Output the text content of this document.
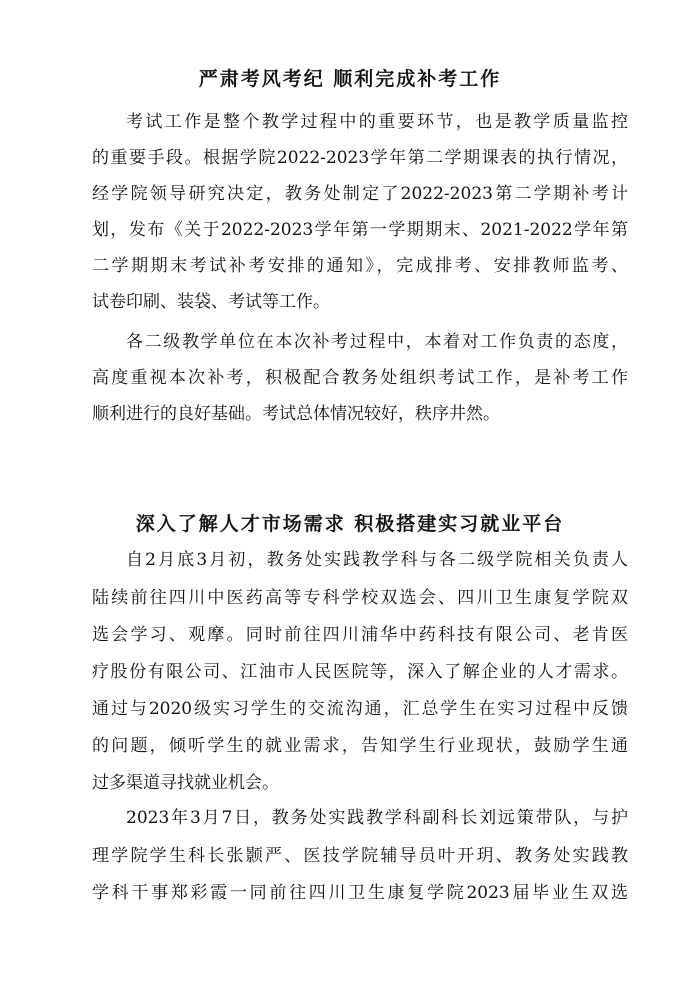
严肃考风考纪 顺利完成补考工作
考试工作是整个教学过程中的重要环节，也是教学质量监控
的重要手段。根据学院2022-2023学年第二学期课表的执行情况，
经学院领导研究决定，教务处制定了2022-2023第二学期补考计
划，发布《关于2022-2023学年第一学期期末、2021-2022学年第
二学期期末考试补考安排的通知》，完成排考、安排教师监考、
试卷印刷、装袋、考试等工作。
各二级教学单位在本次补考过程中，本着对工作负责的态度，
高度重视本次补考，积极配合教务处组织考试工作，是补考工作
顺利进行的良好基础。考试总体情况较好，秩序井然。
深入了解人才市场需求 积极搭建实习就业平台
自2月底3月初，教务处实践教学科与各二级学院相关负责人
陆续前往四川中医药高等专科学校双选会、四川卫生康复学院双
选会学习、观摩。同时前往四川浦华中药科技有限公司、老肯医
疗股份有限公司、江油市人民医院等，深入了解企业的人才需求。
通过与2020级实习学生的交流沟通，汇总学生在实习过程中反馈
的问题，倾听学生的就业需求，告知学生行业现状，鼓励学生通
过多渠道寻找就业机会。
2023年3月7日，教务处实践教学科副科长刘远策带队，与护
理学院学生科长张颢严、医技学院辅导员叶开玥、教务处实践教
学科干事郑彩霞一同前往四川卫生康复学院2023届毕业生双选
